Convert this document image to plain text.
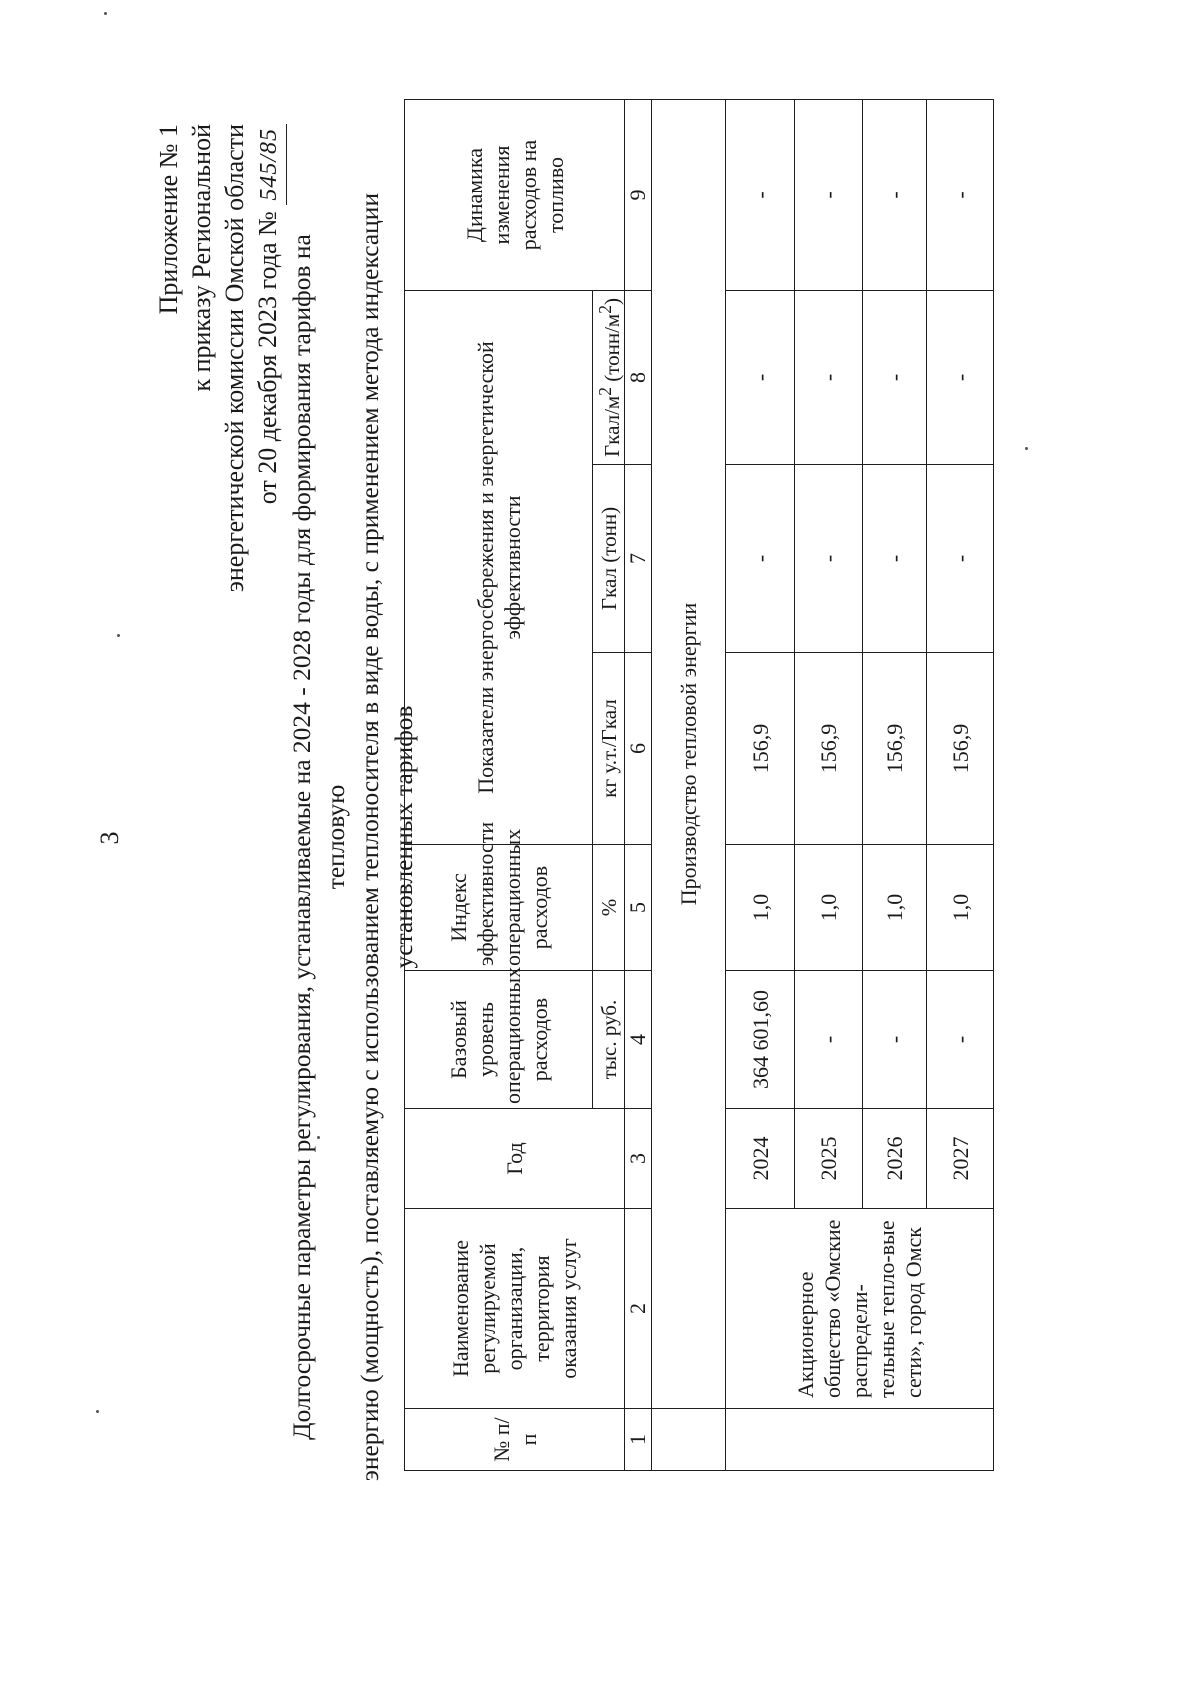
3
Приложение № 1 к приказу Региональной энергетической комиссии Омской области от 20 декабря 2023 года № 545/85
Долгосрочные параметры регулирования, устанавливаемые на 2024 - 2028 годы для формирования тарифов на тепловую энергию (мощность), поставляемую с использованием теплоносителя в виде воды, с применением метода индексации установленных тарифов
№ п/п	Наименование регулируемой организации, территория оказания услуг	Год	Базовый уровень операционных расходов	Индекс эффективности операционных расходов	Показатели энергосбережения и энергетической эффективности			Динамика изменения расходов на топливо
			тыс. руб.	%	кг у.т./Гкал	Гкал (тонн)	Гкал/$м^2$ $(тонн/м^2)$	
1	2	3	4	5	6	7	8	9
	Производство тепловой энергии							
	Акционерное общество «Омские распредели-тельные тепло-вые сети», город Омск	2024	364 601,60	1,0	156,9	-	-	-
		2025	-	1,0	156,9	-	-	-
		2026	-	1,0	156,9	-	-	-
		2027	-	1,0	156,9	-	-	-
